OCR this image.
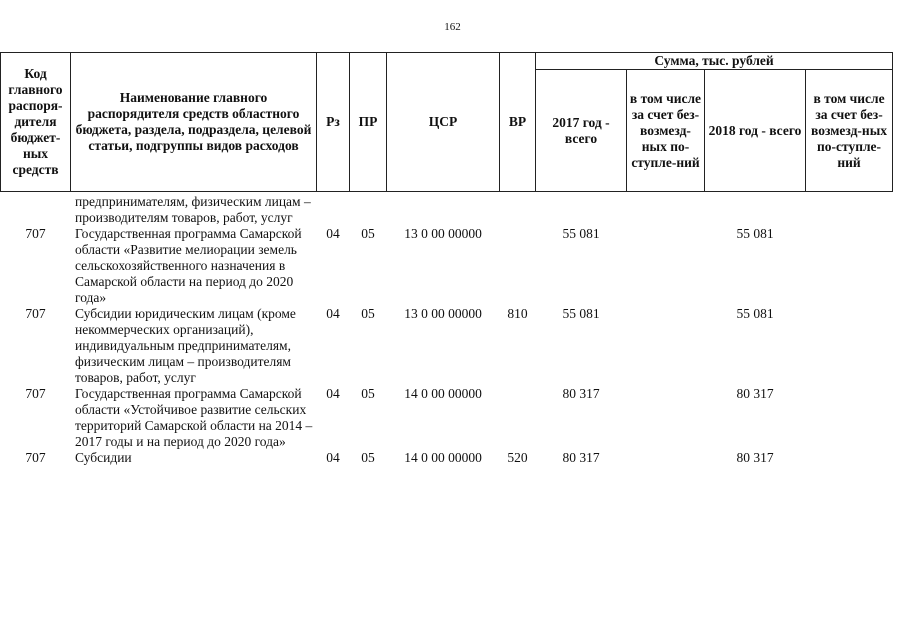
162
Код главного распоря-дителя бюджет-ных средств	Наименование главного распорядителя средств областного бюджета, раздела, подраздела, целевой статьи, подгруппы видов расходов	Рз	ПР	ЦСР	ВР	Сумма, тыс. рублей			
						2017 год - всего	в том числе за счет без-возмезд-ных по-ступле-ний	2018 год - всего	в том числе за счет без-возмезд-ных по-ступле-ний
	предпринимателям, физическим лицам – производителям товаров, работ, услуг								
707	Государственная программа Самарской области «Развитие мелиорации земель сельскохозяйственного назначения в Самарской области на период до 2020 года»	04	05	13 0 00 00000		55 081		55 081	
707	Субсидии юридическим лицам (кроме некоммерческих организаций), индивидуальным предпринимателям, физическим лицам – производителям товаров, работ, услуг	04	05	13 0 00 00000	810	55 081		55 081	
707	Государственная программа Самарской области «Устойчивое развитие сельских территорий Самарской области на 2014 – 2017 годы и на период до 2020 года»	04	05	14 0 00 00000		80 317		80 317	
707	Субсидии	04	05	14 0 00 00000	520	80 317		80 317	
